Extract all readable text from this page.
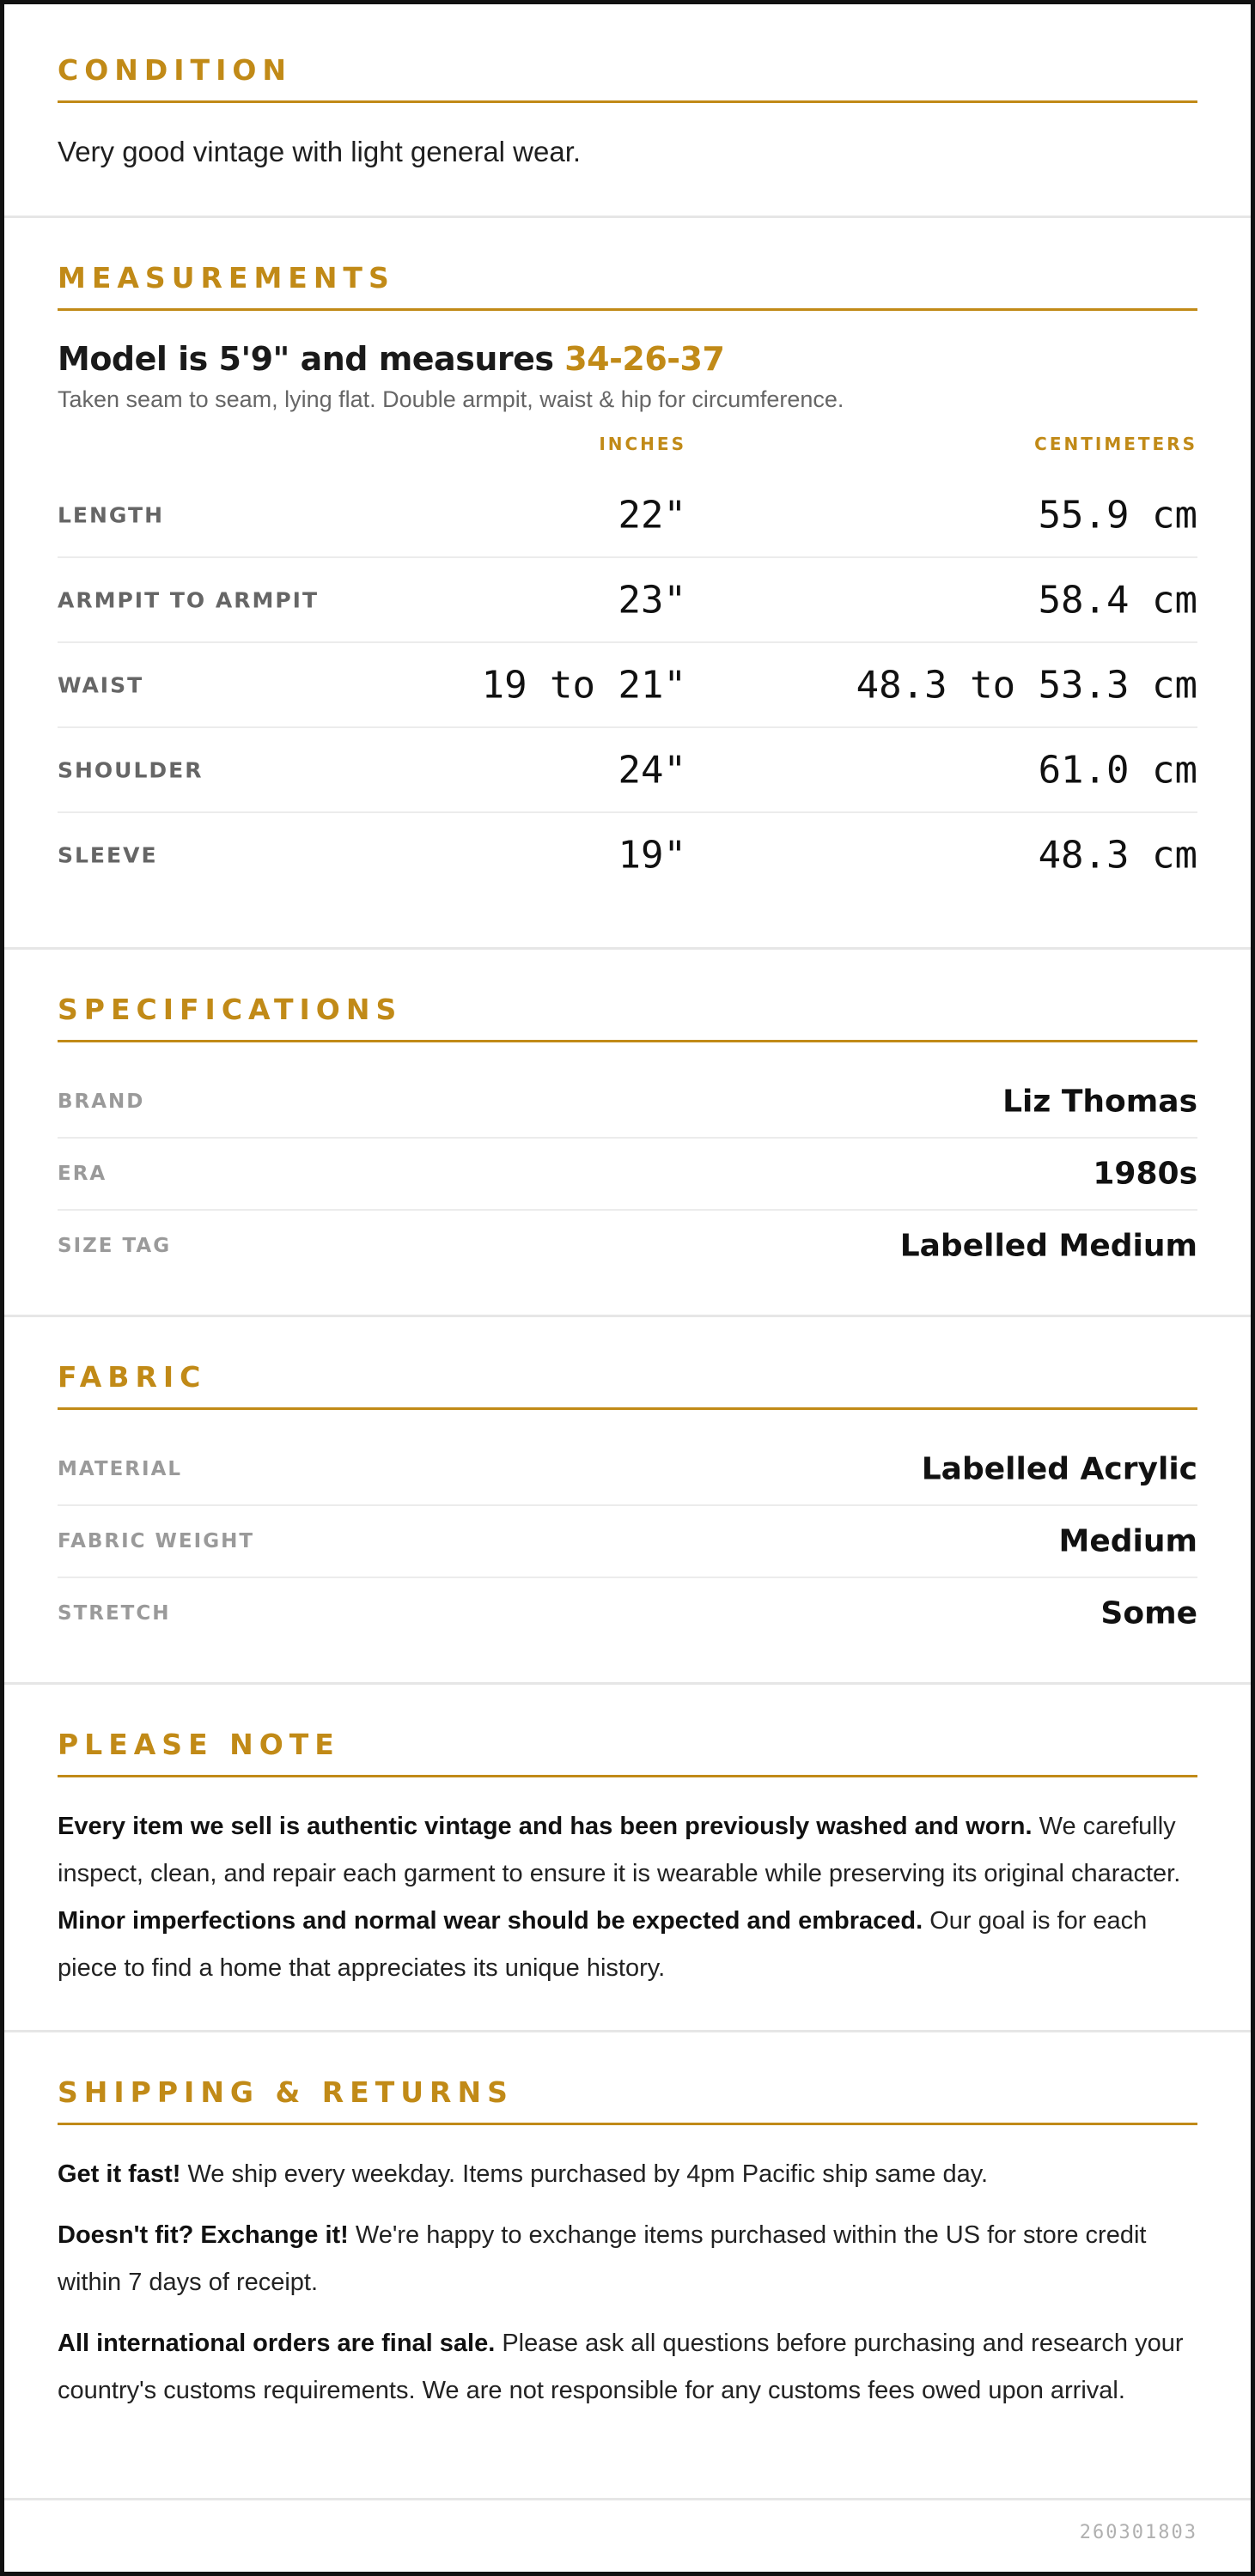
CONDITION

Very good vintage with light general wear.

MEASUREMENTS

Model is 5'9" and measures 34-26-37

Taken seam to seam, lying flat. Double armpit, waist & hip for circumference.

INCHES	CENTIMETERS
LENGTH	22"	55.9 cm
ARMPIT TO ARMPIT	23"	58.4 cm
WAIST	19 to 21"	48.3 to 53.3 cm
SHOULDER	24"	61.0 cm
SLEEVE	19"	48.3 cm
SPECIFICATIONS
BRAND	Liz Thomas
ERA	1980s
SIZE TAG	Labelled Medium
FABRIC
MATERIAL	Labelled Acrylic
FABRIC WEIGHT	Medium
STRETCH	Some
PLEASE NOTE

Every item we sell is authentic vintage and has been previously washed and worn. We carefully inspect, clean, and repair each garment to ensure it is wearable while preserving its original character. Minor imperfections and normal wear should be expected and embraced. Our goal is for each piece to find a home that appreciates its unique history.

SHIPPING & RETURNS

Get it fast! We ship every weekday. Items purchased by 4pm Pacific ship same day.

Doesn't fit? Exchange it! We're happy to exchange items purchased within the US for store credit within 7 days of receipt.

All international orders are final sale. Please ask all questions before purchasing and research your country's customs requirements. We are not responsible for any customs fees owed upon arrival.

260301803
